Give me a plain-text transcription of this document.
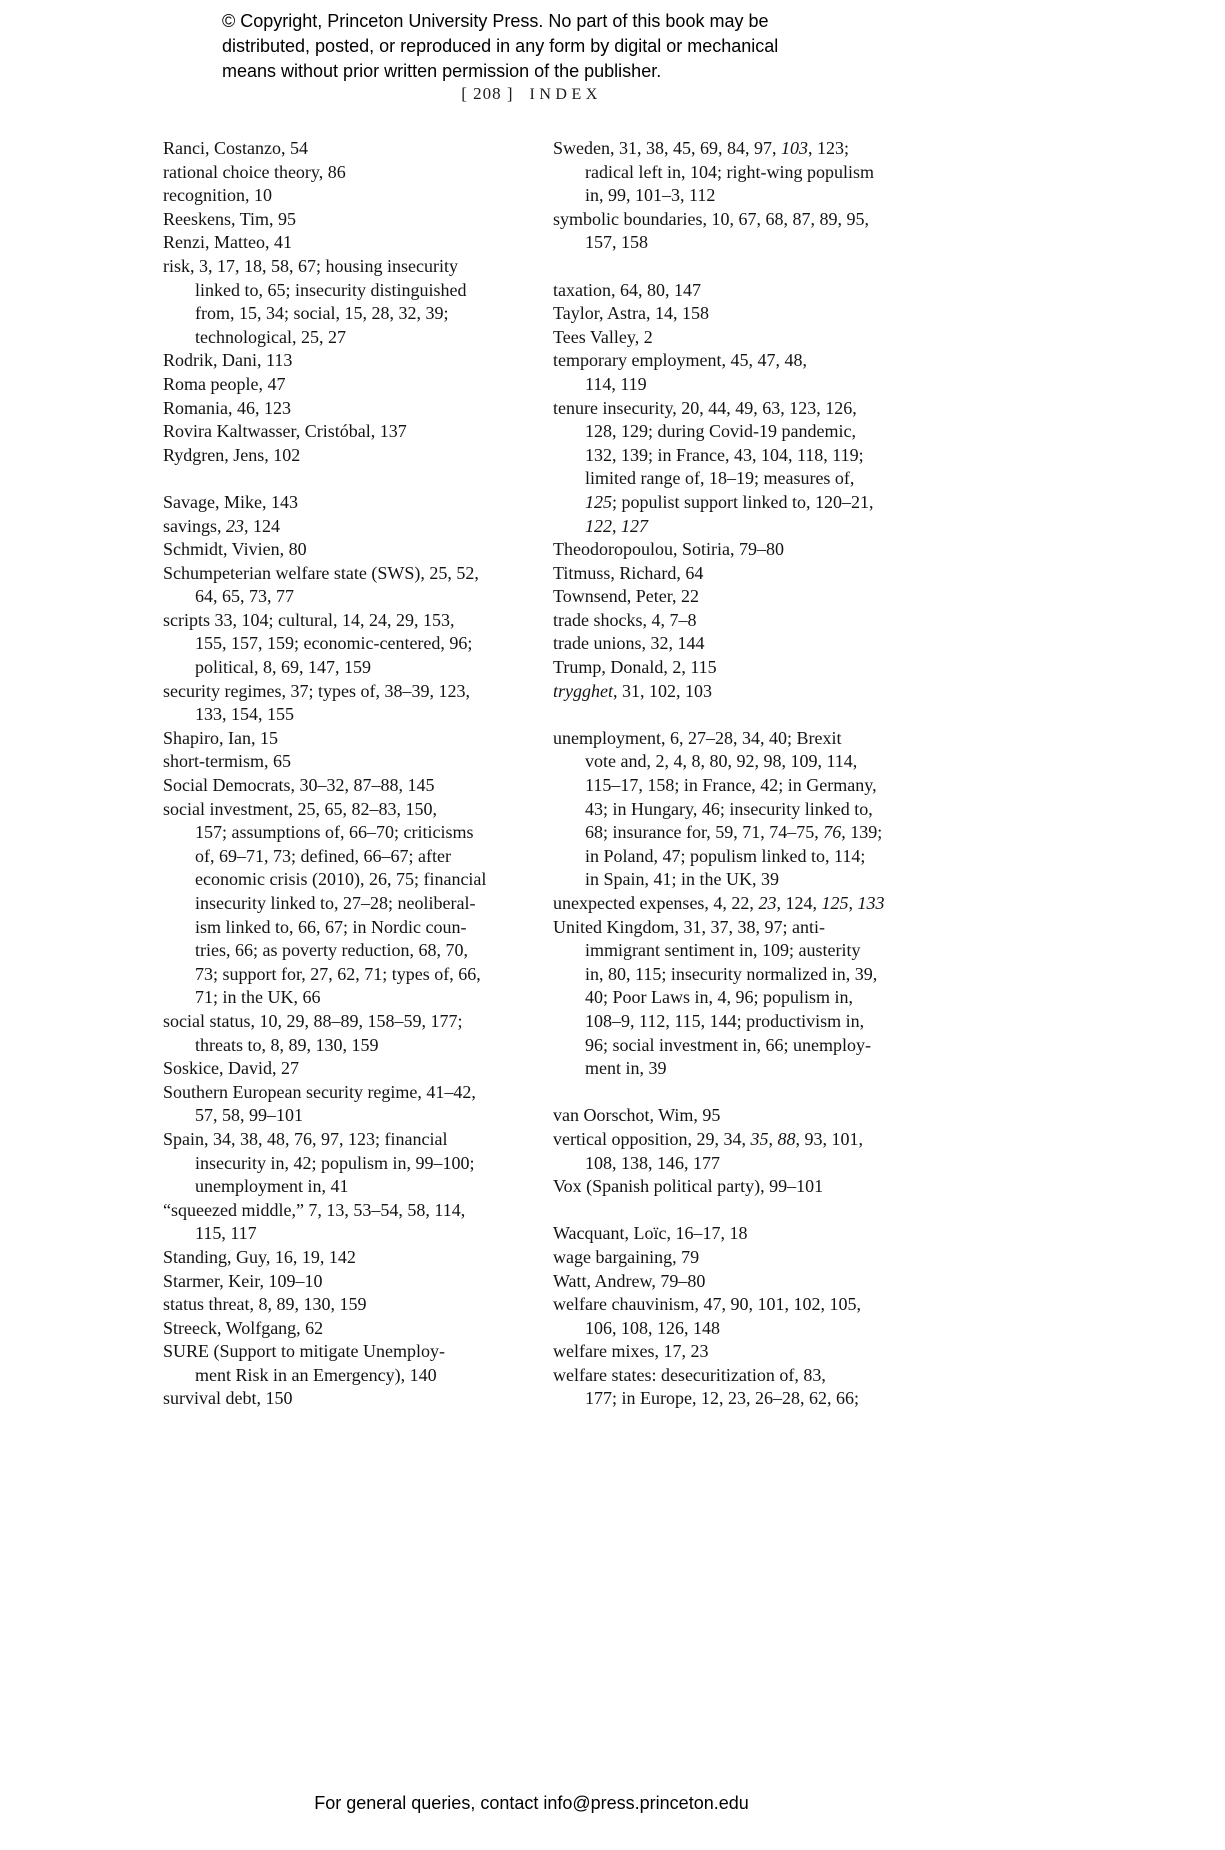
© Copyright, Princeton University Press. No part of this book may be
distributed, posted, or reproduced in any form by digital or mechanical
means without prior written permission of the publisher.
[ 208 ] INDEX
Ranci, Costanzo, 54
rational choice theory, 86
recognition, 10
Reeskens, Tim, 95
Renzi, Matteo, 41
risk, 3, 17, 18, 58, 67; housing insecurity
linked to, 65; insecurity distinguished
from, 15, 34; social, 15, 28, 32, 39;
technological, 25, 27
Rodrik, Dani, 113
Roma people, 47
Romania, 46, 123
Rovira Kaltwasser, Cristóbal, 137
Rydgren, Jens, 102
Savage, Mike, 143
savings, 23, 124
Schmidt, Vivien, 80
Schumpeterian welfare state (SWS), 25, 52,
64, 65, 73, 77
scripts 33, 104; cultural, 14, 24, 29, 153,
155, 157, 159; economic-centered, 96;
political, 8, 69, 147, 159
security regimes, 37; types of, 38–39, 123,
133, 154, 155
Shapiro, Ian, 15
short-termism, 65
Social Democrats, 30–32, 87–88, 145
social investment, 25, 65, 82–83, 150,
157; assumptions of, 66–70; criticisms
of, 69–71, 73; defined, 66–67; after
economic crisis (2010), 26, 75; financial
insecurity linked to, 27–28; neoliberal-
ism linked to, 66, 67; in Nordic coun-
tries, 66; as poverty reduction, 68, 70,
73; support for, 27, 62, 71; types of, 66,
71; in the UK, 66
social status, 10, 29, 88–89, 158–59, 177;
threats to, 8, 89, 130, 159
Soskice, David, 27
Southern European security regime, 41–42,
57, 58, 99–101
Spain, 34, 38, 48, 76, 97, 123; financial
insecurity in, 42; populism in, 99–100;
unemployment in, 41
“squeezed middle,” 7, 13, 53–54, 58, 114,
115, 117
Standing, Guy, 16, 19, 142
Starmer, Keir, 109–10
status threat, 8, 89, 130, 159
Streeck, Wolfgang, 62
SURE (Support to mitigate Unemploy-
ment Risk in an Emergency), 140
survival debt, 150
Sweden, 31, 38, 45, 69, 84, 97, 103, 123;
radical left in, 104; right-wing populism
in, 99, 101–3, 112
symbolic boundaries, 10, 67, 68, 87, 89, 95,
157, 158
taxation, 64, 80, 147
Taylor, Astra, 14, 158
Tees Valley, 2
temporary employment, 45, 47, 48,
114, 119
tenure insecurity, 20, 44, 49, 63, 123, 126,
128, 129; during Covid-19 pandemic,
132, 139; in France, 43, 104, 118, 119;
limited range of, 18–19; measures of,
125; populist support linked to, 120–21,
122, 127
Theodoropoulou, Sotiria, 79–80
Titmuss, Richard, 64
Townsend, Peter, 22
trade shocks, 4, 7–8
trade unions, 32, 144
Trump, Donald, 2, 115
trygghet, 31, 102, 103
unemployment, 6, 27–28, 34, 40; Brexit
vote and, 2, 4, 8, 80, 92, 98, 109, 114,
115–17, 158; in France, 42; in Germany,
43; in Hungary, 46; insecurity linked to,
68; insurance for, 59, 71, 74–75, 76, 139;
in Poland, 47; populism linked to, 114;
in Spain, 41; in the UK, 39
unexpected expenses, 4, 22, 23, 124, 125, 133
United Kingdom, 31, 37, 38, 97; anti-
immigrant sentiment in, 109; austerity
in, 80, 115; insecurity normalized in, 39,
40; Poor Laws in, 4, 96; populism in,
108–9, 112, 115, 144; productivism in,
96; social investment in, 66; unemploy-
ment in, 39
van Oorschot, Wim, 95
vertical opposition, 29, 34, 35, 88, 93, 101,
108, 138, 146, 177
Vox (Spanish political party), 99–101
Wacquant, Loïc, 16–17, 18
wage bargaining, 79
Watt, Andrew, 79–80
welfare chauvinism, 47, 90, 101, 102, 105,
106, 108, 126, 148
welfare mixes, 17, 23
welfare states: desecuritization of, 83,
177; in Europe, 12, 23, 26–28, 62, 66;
For general queries, contact info@press.princeton.edu
